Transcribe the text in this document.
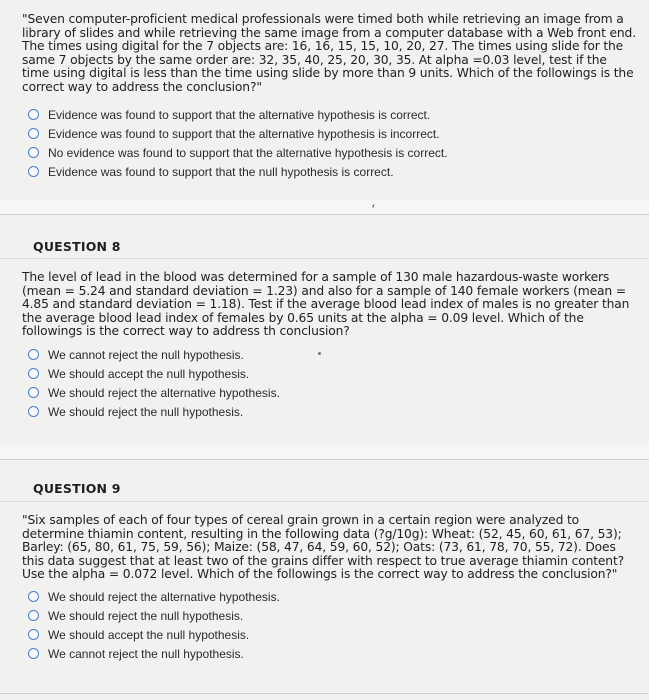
"Seven computer-proficient medical professionals were timed both while retrieving an image from a library of slides and while retrieving the same image from a computer database with a Web front end. The times using digital for the 7 objects are: 16, 16, 15, 15, 10, 20, 27. The times using slide for the same 7 objects by the same order are: 32, 35, 40, 25, 20, 30, 35. At alpha =0.03 level, test if the time using digital is less than the time using slide by more than 9 units. Which of the followings is the correct way to address the conclusion?"

Evidence was found to support that the alternative hypothesis is correct.
Evidence was found to support that the alternative hypothesis is incorrect.
No evidence was found to support that the alternative hypothesis is correct.
Evidence was found to support that the null hypothesis is correct.
ʻ

QUESTION 8

The level of lead in the blood was determined for a sample of 130 male hazardous-waste workers (mean = 5.24 and standard deviation = 1.23) and also for a sample of 140 female workers (mean = 4.85 and standard deviation = 1.18). Test if the average blood lead index of males is no greater than the average blood lead index of females by 0.65 units at the alpha = 0.09 level. Which of the followings is the correct way to address th conclusion?

We cannot reject the null hypothesis.
We should accept the null hypothesis.
We should reject the alternative hypothesis.
We should reject the null hypothesis.

QUESTION 9

"Six samples of each of four types of cereal grain grown in a certain region were analyzed to determine thiamin content, resulting in the following data (?g/10g): Wheat: (52, 45, 60, 61, 67, 53); Barley: (65, 80, 61, 75, 59, 56); Maize: (58, 47, 64, 59, 60, 52); Oats: (73, 61, 78, 70, 55, 72). Does this data suggest that at least two of the grains differ with respect to true average thiamin content? Use the alpha = 0.072 level. Which of the followings is the correct way to address the conclusion?"

We should reject the alternative hypothesis.
We should reject the null hypothesis.
We should accept the null hypothesis.
We cannot reject the null hypothesis.
